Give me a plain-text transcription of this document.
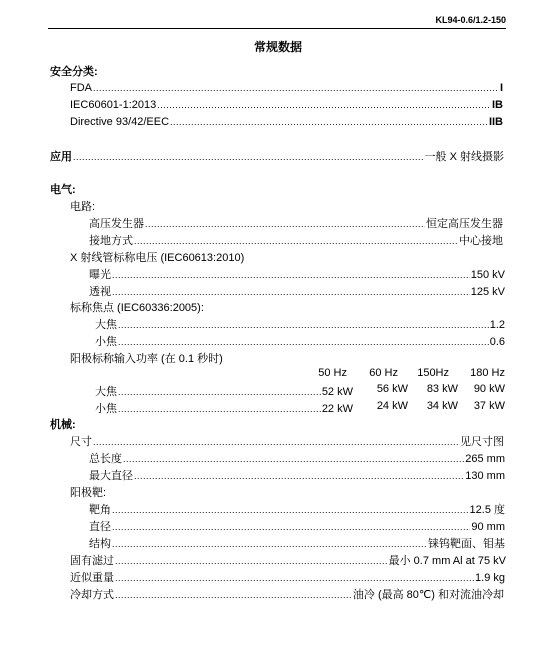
KL94-0.6/1.2-150
常规数据
安全分类:
FDA .....	I
IEC60601-1:2013 .....	IB
Directive 93/42/EEC .....	IIB
应用 .....	一般 X 射线摄影
电气:
电路:
高压发生器 .....	恒定高压发生器
接地方式 .....	中心接地
X 射线管标称电压 (IEC60613:2010)
曝光 .....	150 kV
透视 .....	125 kV
标称焦点 (IEC60336:2005):
大焦 .....	1.2
小焦 .....	0.6
阳极标称输入功率 (在 0.1 秒时)
50 Hz	60 Hz	150Hz	180 Hz
大焦 .....	52 kW	56 kW	83 kW	90 kW
小焦 .....	22 kW	24 kW	34 kW	37 kW
机械:
尺寸 .....	见尺寸图
总长度 .....	265 mm
最大直径 .....	130 mm
阳极靶:
靶角 .....	12.5 度
直径 .....	90 mm
结构 .....	铼钨靶面、钼基
固有滤过 .....	最小 0.7 mm Al at 75 kV
近似重量 .....	1.9 kg
冷却方式 .....	油冷 (最高 80℃) 和对流油冷却
